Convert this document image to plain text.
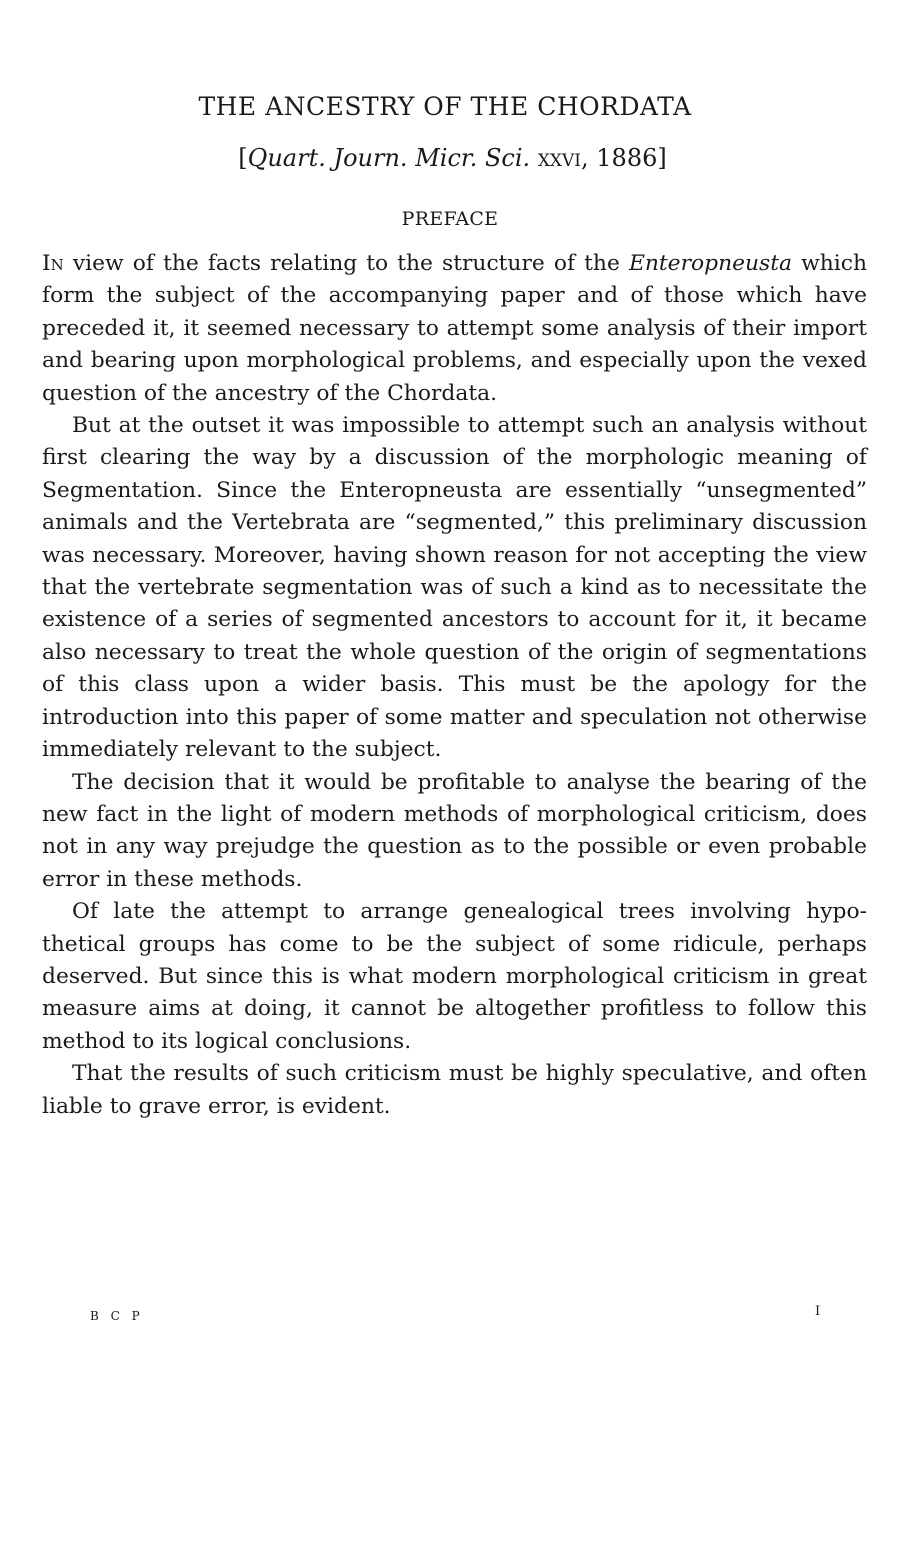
THE ANCESTRY OF THE CHORDATA
[Quart. Journ. Micr. Sci. xxvi, 1886]
PREFACE

In view of the facts relating to the structure of the Enteropneusta which form the subject of the accompanying paper and of those which have preceded it, it seemed necessary to attempt some analysis of their import and bearing upon morphological problems, and especially upon the vexed question of the ancestry of the Chordata.

But at the outset it was impossible to attempt such an analysis without first clearing the way by a discussion of the morphologic meaning of Segmentation. Since the Enteropneusta are essentially “unsegmented” animals and the Vertebrata are “segmented,” this preliminary discussion was necessary. Moreover, having shown reason for not accepting the view that the vertebrate segmentation was of such a kind as to necessitate the existence of a series of segmented ancestors to account for it, it became also necessary to treat the whole question of the origin of segmentations of this class upon a wider basis. This must be the apology for the introduction into this paper of some matter and speculation not otherwise immediately relevant to the subject.

The decision that it would be profitable to analyse the bearing of the new fact in the light of modern methods of morphological criticism, does not in any way prejudge the question as to the possible or even probable error in these methods.

Of late the attempt to arrange genealogical trees involving hypothetical groups has come to be the subject of some ridicule, perhaps deserved. But since this is what modern morphological criticism in great measure aims at doing, it cannot be altogether profitless to follow this method to its logical conclusions.

That the results of such criticism must be highly speculative, and often liable to grave error, is evident.

B C P	I
